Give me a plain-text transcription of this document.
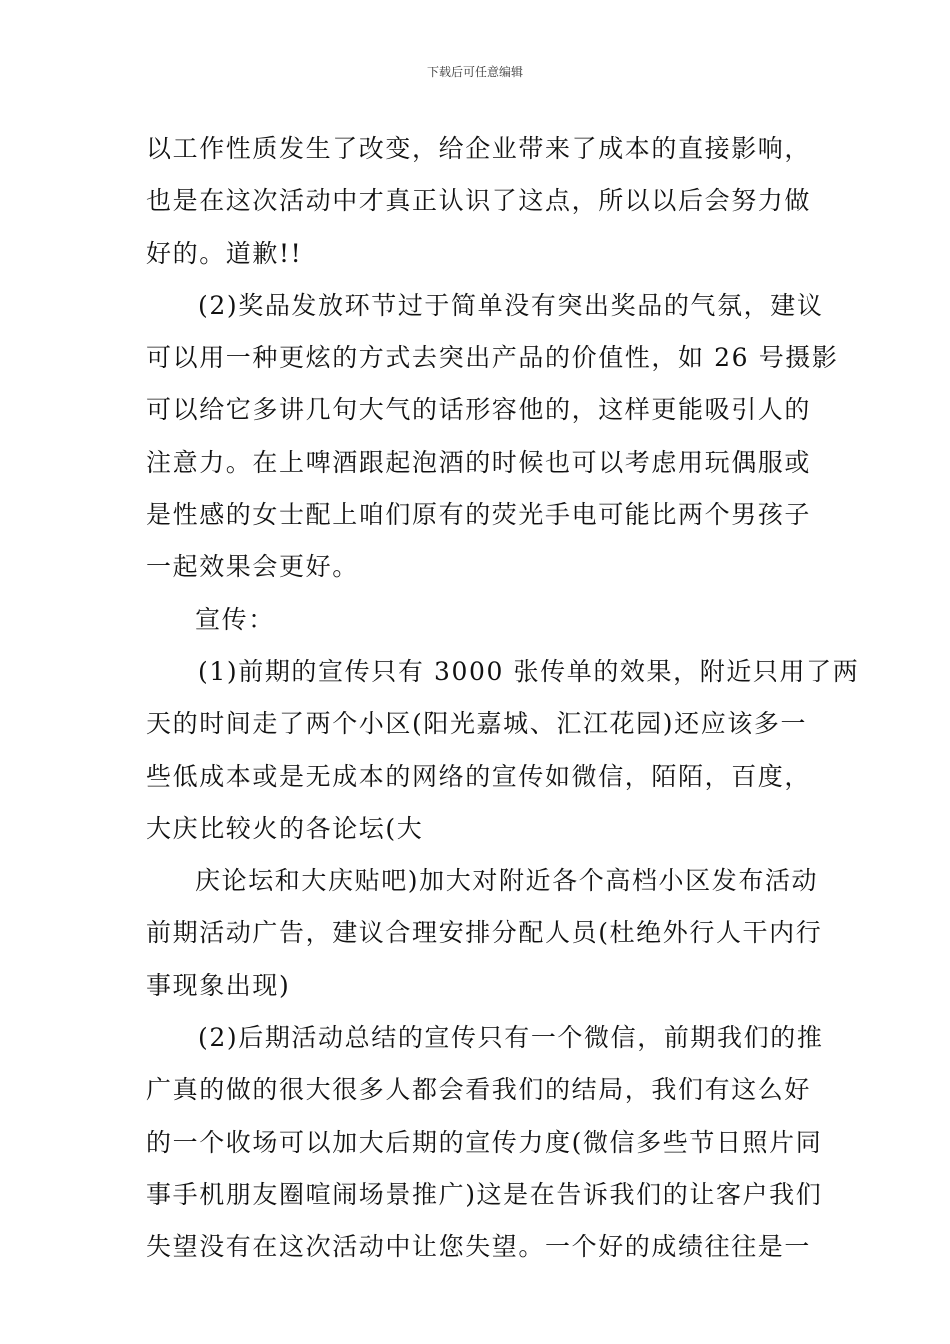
下载后可任意编辑
以工作性质发生了改变，给企业带来了成本的直接影响，
也是在这次活动中才真正认识了这点，所以以后会努力做
好的。道歉!!
(2)奖品发放环节过于简单没有突出奖品的气氛，建议
可以用一种更炫的方式去突出产品的价值性，如 26 号摄影
可以给它多讲几句大气的话形容他的，这样更能吸引人的
注意力。在上啤酒跟起泡酒的时候也可以考虑用玩偶服或
是性感的女士配上咱们原有的荧光手电可能比两个男孩子
一起效果会更好。
宣传：
(1)前期的宣传只有 3000 张传单的效果，附近只用了两
天的时间走了两个小区(阳光嘉城、汇江花园)还应该多一
些低成本或是无成本的网络的宣传如微信，陌陌，百度，
大庆比较火的各论坛(大
庆论坛和大庆贴吧)加大对附近各个高档小区发布活动
前期活动广告，建议合理安排分配人员(杜绝外行人干内行
事现象出现)
(2)后期活动总结的宣传只有一个微信，前期我们的推
广真的做的很大很多人都会看我们的结局，我们有这么好
的一个收场可以加大后期的宣传力度(微信多些节日照片同
事手机朋友圈喧闹场景推广)这是在告诉我们的让客户我们
失望没有在这次活动中让您失望。一个好的成绩往往是一
